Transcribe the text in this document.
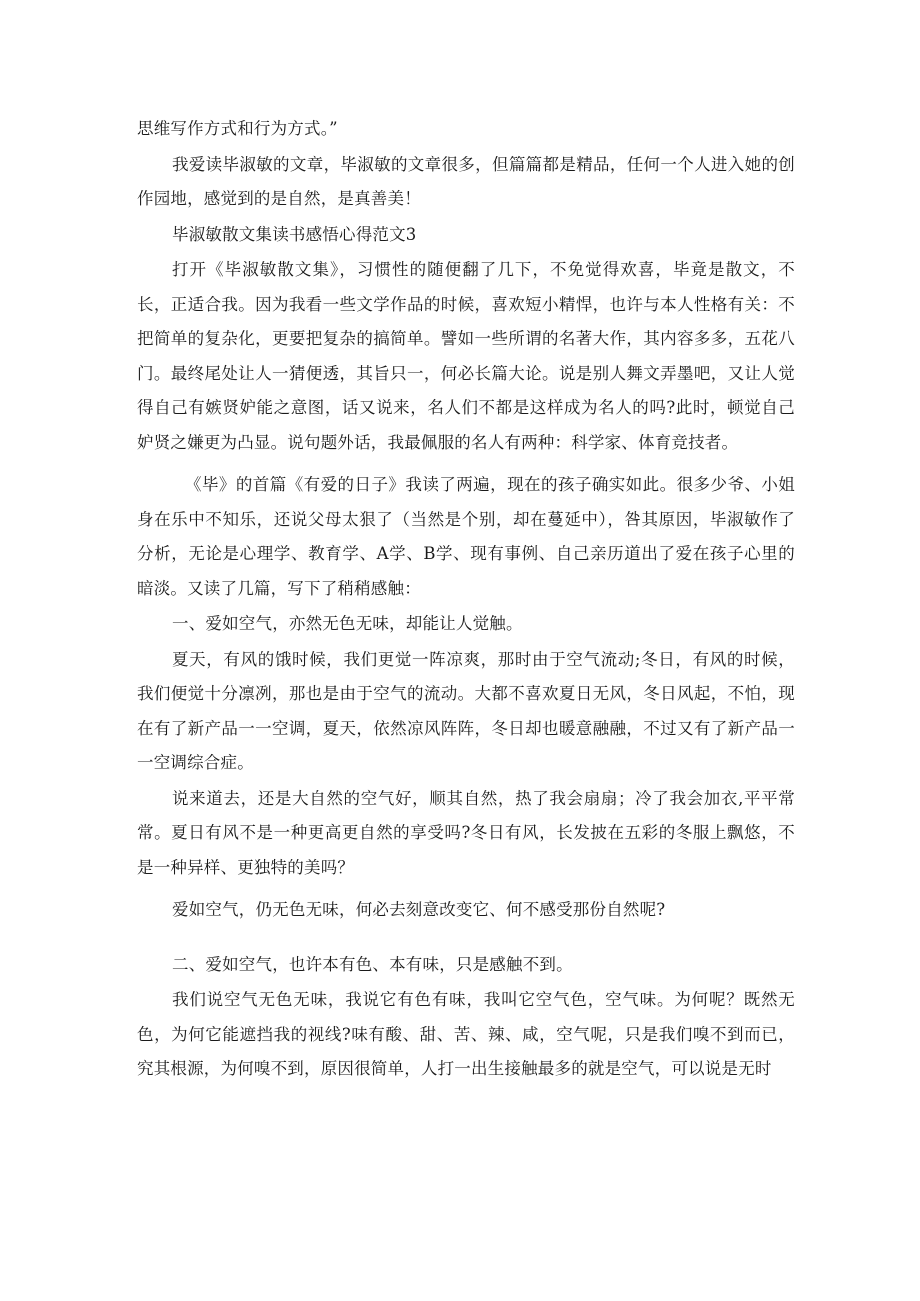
思维写作方式和行为方式。”

我爱读毕淑敏的文章，毕淑敏的文章很多，但篇篇都是精品，任何一个人进入她的创作园地，感觉到的是自然，是真善美！

毕淑敏散文集读书感悟心得范文3

打开《毕淑敏散文集》，习惯性的随便翻了几下，不免觉得欢喜，毕竟是散文，不长，正适合我。因为我看一些文学作品的时候，喜欢短小精悍，也许与本人性格有关：不把简单的复杂化，更要把复杂的搞简单。譬如一些所谓的名著大作，其内容多多，五花八门。最终尾处让人一猜便透，其旨只一，何必长篇大论。说是别人舞文弄墨吧，又让人觉得自己有嫉贤妒能之意图，话又说来，名人们不都是这样成为名人的吗?此时，顿觉自己妒贤之嫌更为凸显。说句题外话，我最佩服的名人有两种：科学家、体育竞技者。

《毕》的首篇《有爱的日子》我读了两遍，现在的孩子确实如此。很多少爷、小姐身在乐中不知乐，还说父母太狠了（当然是个别，却在蔓延中），咎其原因，毕淑敏作了分析，无论是心理学、教育学、A学、B学、现有事例、自己亲历道出了爱在孩子心里的暗淡。又读了几篇，写下了稍稍感触：

一、爱如空气，亦然无色无味，却能让人觉触。

夏天，有风的饿时候，我们更觉一阵凉爽，那时由于空气流动;冬日，有风的时候，我们便觉十分凛冽，那也是由于空气的流动。大都不喜欢夏日无风，冬日风起，不怕，现在有了新产品一一空调，夏天，依然凉风阵阵，冬日却也暖意融融，不过又有了新产品一一空调综合症。

说来道去，还是大自然的空气好，顺其自然，热了我会扇扇；冷了我会加衣,平平常常。夏日有风不是一种更高更自然的享受吗?冬日有风，长发披在五彩的冬服上飘悠，不是一种异样、更独特的美吗？

爱如空气，仍无色无味，何必去刻意改变它、何不感受那份自然呢?

二、爱如空气，也许本有色、本有味，只是感触不到。

我们说空气无色无味，我说它有色有味，我叫它空气色，空气味。为何呢？既然无色，为何它能遮挡我的视线?味有酸、甜、苦、辣、咸，空气呢，只是我们嗅不到而已，究其根源，为何嗅不到，原因很简单，人打一出生接触最多的就是空气，可以说是无时
